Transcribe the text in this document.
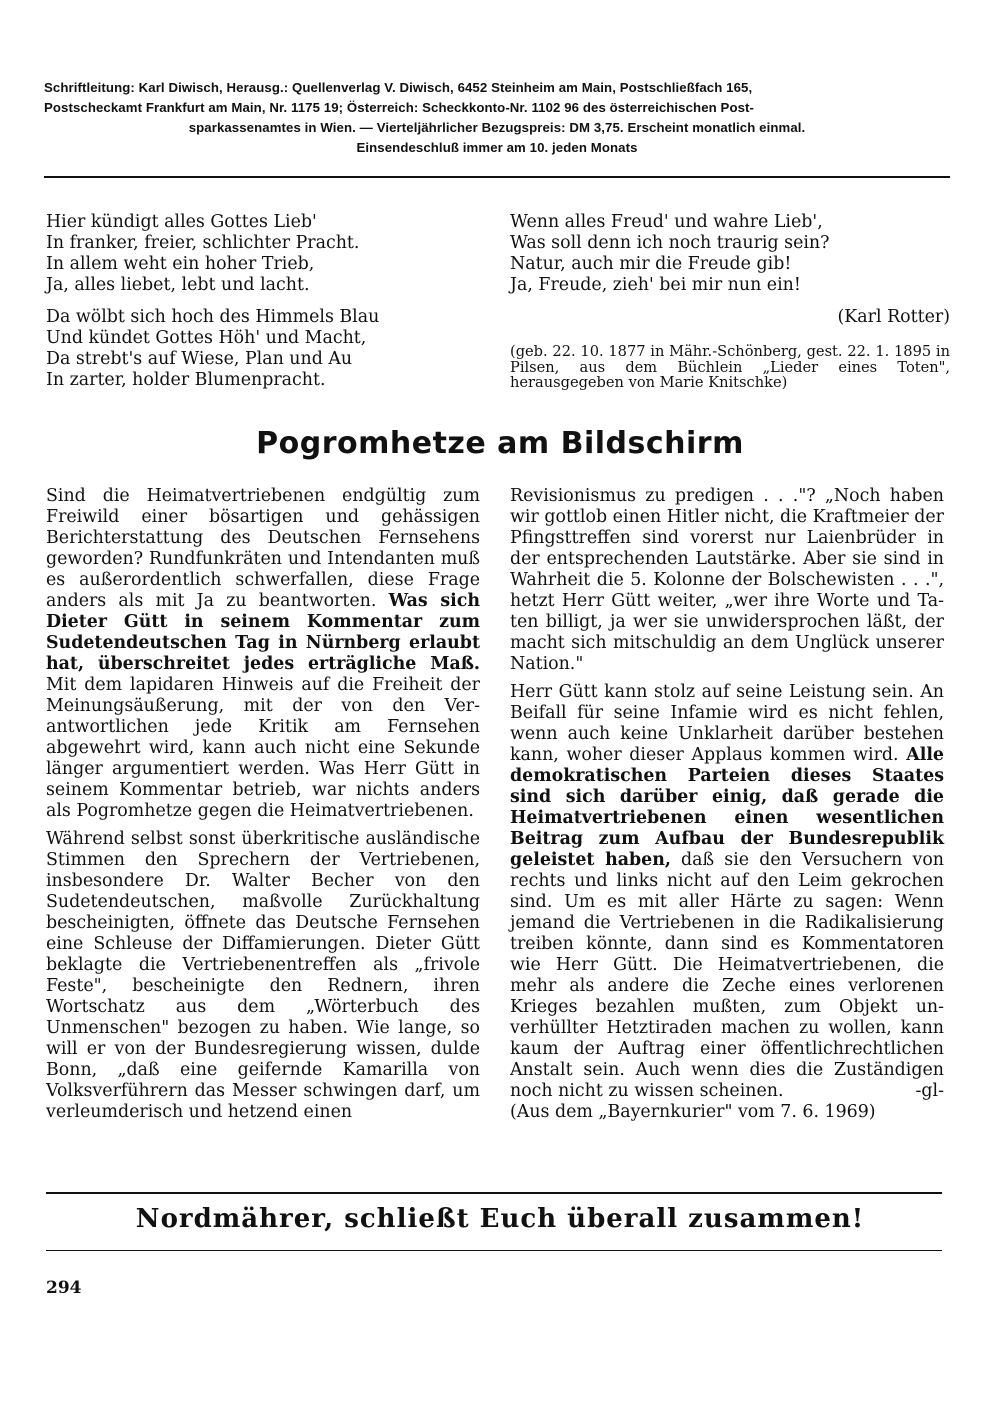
Schriftleitung: Karl Diwisch, Herausg.: Quellenverlag V. Diwisch, 6452 Steinheim am Main, Postschließfach 165,
Postscheckamt Frankfurt am Main, Nr. 1175 19; Österreich: Scheckkonto-Nr. 1102 96 des österreichischen Post-
sparkassenamtes in Wien. — Vierteljährlicher Bezugspreis: DM 3,75. Erscheint monatlich einmal.
Einsendeschluß immer am 10. jeden Monats
Hier kündigt alles Gottes Lieb'
In franker, freier, schlichter Pracht.
In allem weht ein hoher Trieb,
Ja, alles liebet, lebt und lacht.
Da wölbt sich hoch des Himmels Blau
Und kündet Gottes Höh' und Macht,
Da strebt's auf Wiese, Plan und Au
In zarter, holder Blumenpracht.
Wenn alles Freud' und wahre Lieb',
Was soll denn ich noch traurig sein?
Natur, auch mir die Freude gib!
Ja, Freude, zieh' bei mir nun ein!
(Karl Rotter)
(geb. 22. 10. 1877 in Mähr.-Schönberg, gest. 22. 1. 1895 in Pilsen, aus dem Büchlein „Lieder eines Toten", herausgegeben von Marie Knitschke)
Pogromhetze am Bildschirm

Sind die Heimatvertriebenen endgültig zum Freiwild einer bösartigen und gehässigen Berichterstattung des Deutschen Fernsehens geworden? Rundfunkräten und Intendanten muß es außerordentlich schwerfallen, diese Frage anders als mit Ja zu beantworten. Was sich Dieter Gütt in seinem Kommentar zum Sudetendeutschen Tag in Nürnberg erlaubt hat, überschreitet jedes erträgliche Maß. Mit dem lapidaren Hinweis auf die Freiheit der Meinungsäußerung, mit der von den Verantwortlichen jede Kritik am Fernsehen abgewehrt wird, kann auch nicht eine Sekunde länger argumentiert werden. Was Herr Gütt in seinem Kommentar betrieb, war nichts anders als Pogromhetze gegen die Heimatvertriebenen.

Während selbst sonst überkritische ausländische Stimmen den Sprechern der Vertriebenen, insbesondere Dr. Walter Becher von den Sudetendeutschen, maßvolle Zurückhaltung bescheinigten, öffnete das Deutsche Fernsehen eine Schleuse der Diffamierungen. Dieter Gütt beklagte die Vertriebenentreffen als „frivole Feste", bescheinigte den Rednern, ihren Wortschatz aus dem „Wörterbuch des Unmenschen" bezogen zu haben. Wie lange, so will er von der Bundesregierung wissen, dulde Bonn, „daß eine geifernde Kamarilla von Volksverführern das Messer schwingen darf, um verleumderisch und hetzend einen

Revisionismus zu predigen . . ."? „Noch haben wir gottlob einen Hitler nicht, die Kraftmeier der Pfingsttreffen sind vorerst nur Laienbrüder in der entsprechenden Lautstärke. Aber sie sind in Wahrheit die 5. Kolonne der Bolschewisten . . .", hetzt Herr Gütt weiter, „wer ihre Worte und Taten billigt, ja wer sie unwidersprochen läßt, der macht sich mitschuldig an dem Unglück unserer Nation."

Herr Gütt kann stolz auf seine Leistung sein. An Beifall für seine Infamie wird es nicht fehlen, wenn auch keine Unklarheit darüber bestehen kann, woher dieser Applaus kommen wird. Alle demokratischen Parteien dieses Staates sind sich darüber einig, daß gerade die Heimatvertriebenen einen wesentlichen Beitrag zum Aufbau der Bundesrepublik geleistet haben, daß sie den Versuchern von rechts und links nicht auf den Leim gekrochen sind. Um es mit aller Härte zu sagen: Wenn jemand die Vertriebenen in die Radikalisierung treiben könnte, dann sind es Kommentatoren wie Herr Gütt. Die Heimatvertriebenen, die mehr als andere die Zeche eines verlorenen Krieges bezahlen mußten, zum Objekt unverhüllter Hetztiraden machen zu wollen, kann kaum der Auftrag einer öffentlichrechtlichen Anstalt sein. Auch wenn dies die Zuständigen noch nicht zu wissen scheinen.	-gl-
(Aus dem „Bayernkurier" vom 7. 6. 1969)
Nordmährer, schließt Euch überall zusammen!
294
